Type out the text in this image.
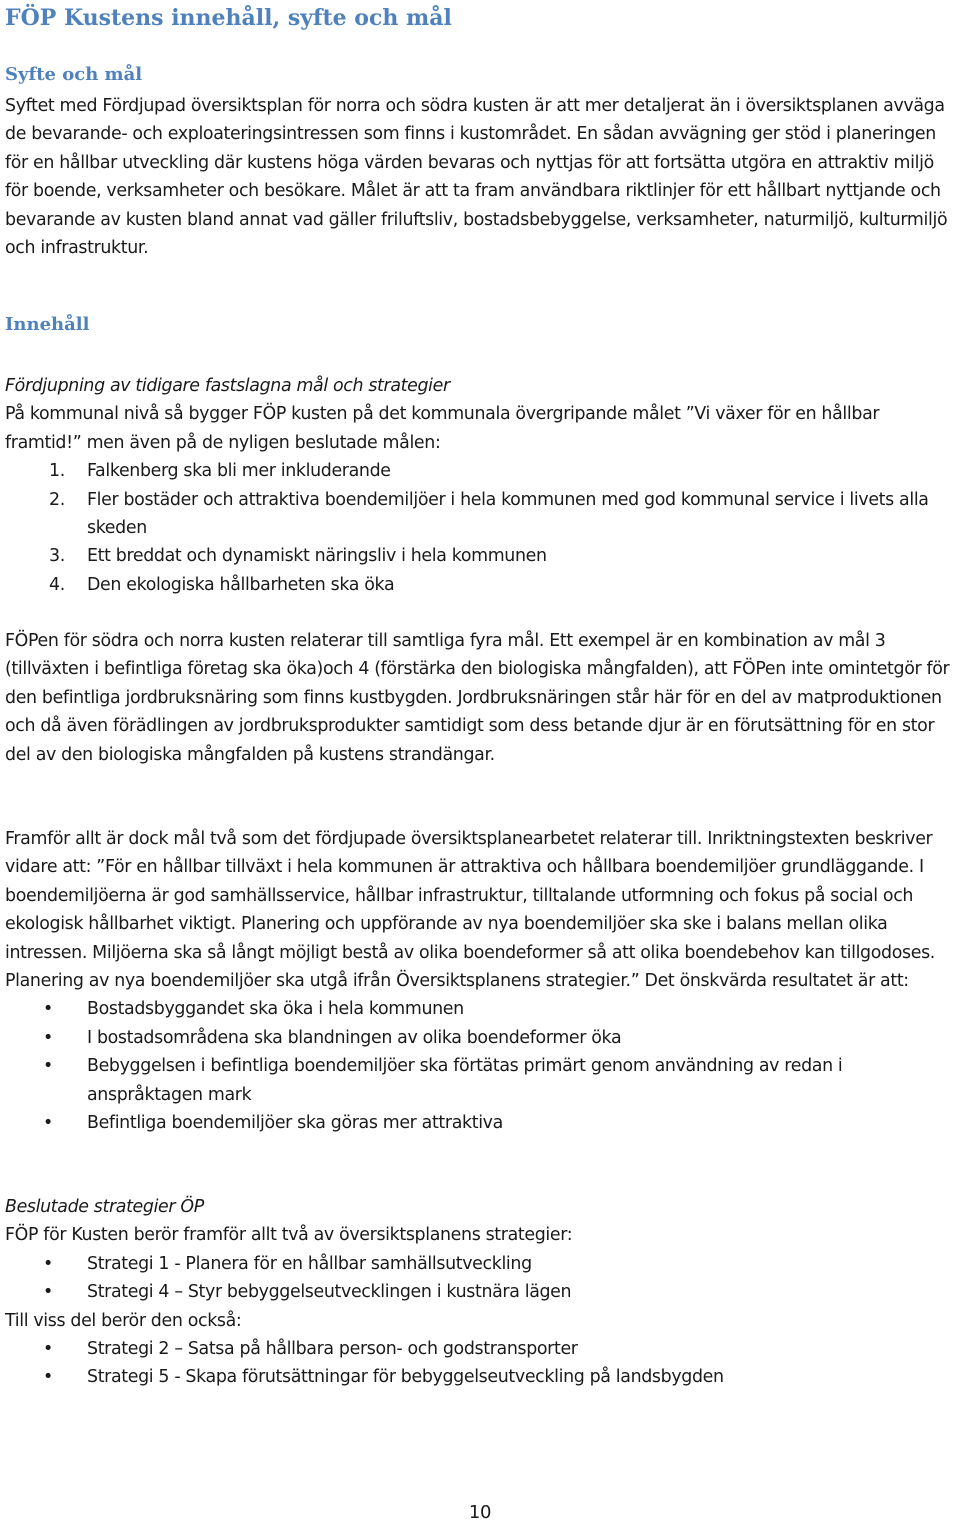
FÖP Kustens innehåll, syfte och mål
Syfte och mål

Syftet med Fördjupad översiktsplan för norra och södra kusten är att mer detaljerat än i översiktsplanen avväga de bevarande- och exploateringsintressen som finns i kustområdet. En sådan avvägning ger stöd i planeringen för en hållbar utveckling där kustens höga värden bevaras och nyttjas för att fortsätta utgöra en attraktiv miljö för boende, verksamheter och besökare. Målet är att ta fram användbara riktlinjer för ett hållbart nyttjande och bevarande av kusten bland annat vad gäller friluftsliv, bostadsbebyggelse, verksamheter, naturmiljö, kulturmiljö och infrastruktur.

Innehåll

Fördjupning av tidigare fastslagna mål och strategier

På kommunal nivå så bygger FÖP kusten på det kommunala övergripande målet ”Vi växer för en hållbar framtid!” men även på de nyligen beslutade målen:

1. Falkenberg ska bli mer inkluderande
2. Fler bostäder och attraktiva boendemiljöer i hela kommunen med god kommunal service i livets alla skeden
3. Ett breddat och dynamiskt näringsliv i hela kommunen
4. Den ekologiska hållbarheten ska öka

FÖPen för södra och norra kusten relaterar till samtliga fyra mål. Ett exempel är en kombination av mål 3 (tillväxten i befintliga företag ska öka)och 4 (förstärka den biologiska mångfalden), att FÖPen inte omintetgör för den befintliga jordbruksnäring som finns kustbygden. Jordbruksnäringen står här för en del av matproduktionen och då även förädlingen av jordbruksprodukter samtidigt som dess betande djur är en förutsättning för en stor del av den biologiska mångfalden på kustens strandängar.

Framför allt är dock mål två som det fördjupade översiktsplanearbetet relaterar till. Inriktningstexten beskriver vidare att: ”För en hållbar tillväxt i hela kommunen är attraktiva och hållbara boendemiljöer grundläggande. I boendemiljöerna är god samhällsservice, hållbar infrastruktur, tilltalande utformning och fokus på social och ekologisk hållbarhet viktigt. Planering och uppförande av nya boendemiljöer ska ske i balans mellan olika intressen. Miljöerna ska så långt möjligt bestå av olika boendeformer så att olika boendebehov kan tillgodoses. Planering av nya boendemiljöer ska utgå ifrån Översiktsplanens strategier.” Det önskvärda resultatet är att:

• Bostadsbyggandet ska öka i hela kommunen
• I bostadsområdena ska blandningen av olika boendeformer öka
• Bebyggelsen i befintliga boendemiljöer ska förtätas primärt genom användning av redan i anspråktagen mark
• Befintliga boendemiljöer ska göras mer attraktiva

Beslutade strategier ÖP

FÖP för Kusten berör framför allt två av översiktsplanens strategier:

• Strategi 1 - Planera för en hållbar samhällsutveckling
• Strategi 4 – Styr bebyggelseutvecklingen i kustnära lägen

Till viss del berör den också:

• Strategi 2 – Satsa på hållbara person- och godstransporter
• Strategi 5 - Skapa förutsättningar för bebyggelseutveckling på landsbygden
10
